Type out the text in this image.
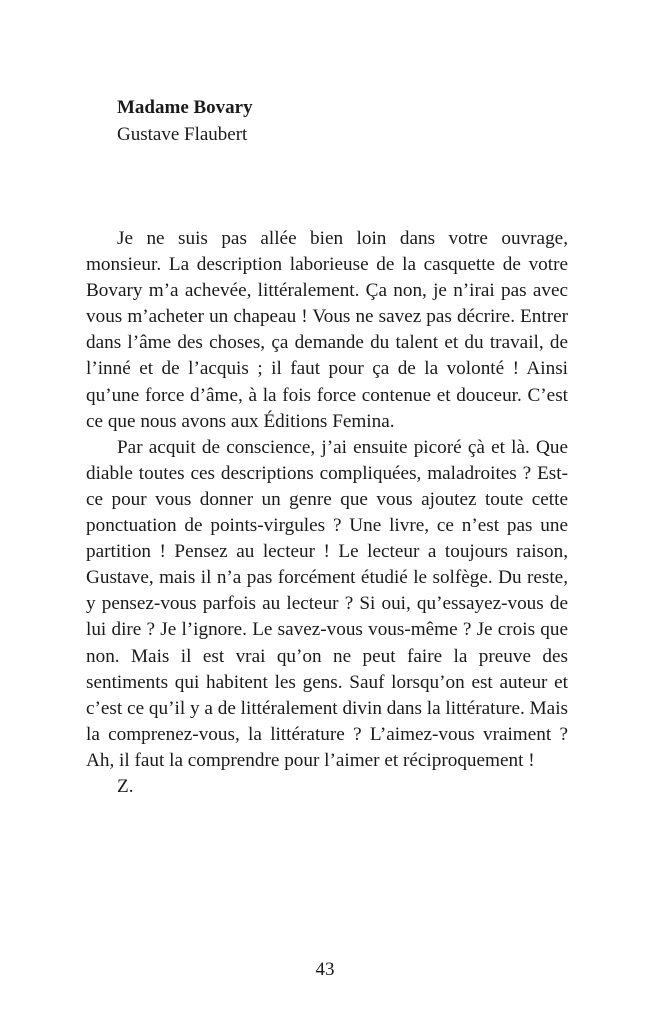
Madame Bovary
Gustave Flaubert

Je ne suis pas allée bien loin dans votre ouvrage, monsieur. La description laborieuse de la casquette de votre Bovary m’a achevée, littéralement. Ça non, je n’irai pas avec vous m’acheter un chapeau ! Vous ne savez pas décrire. Entrer dans l’âme des choses, ça demande du talent et du travail, de l’inné et de l’acquis ; il faut pour ça de la volonté ! Ainsi qu’une force d’âme, à la fois force contenue et douceur. C’est ce que nous avons aux Éditions Femina.

Par acquit de conscience, j’ai ensuite picoré çà et là. Que diable toutes ces descriptions compliquées, maladroites ? Est-ce pour vous donner un genre que vous ajoutez toute cette ponctuation de points-virgules ? Une livre, ce n’est pas une partition ! Pensez au lecteur ! Le lecteur a toujours raison, Gustave, mais il n’a pas forcément étudié le solfège. Du reste, y pensez-vous parfois au lecteur ? Si oui, qu’essayez-vous de lui dire ? Je l’ignore. Le savez-vous vous-même ? Je crois que non. Mais il est vrai qu’on ne peut faire la preuve des sentiments qui habitent les gens. Sauf lorsqu’on est auteur et c’est ce qu’il y a de littéralement divin dans la littérature. Mais la comprenez-vous, la littérature ? L’aimez-vous vraiment ? Ah, il faut la comprendre pour l’aimer et réciproquement !

Z.

43
